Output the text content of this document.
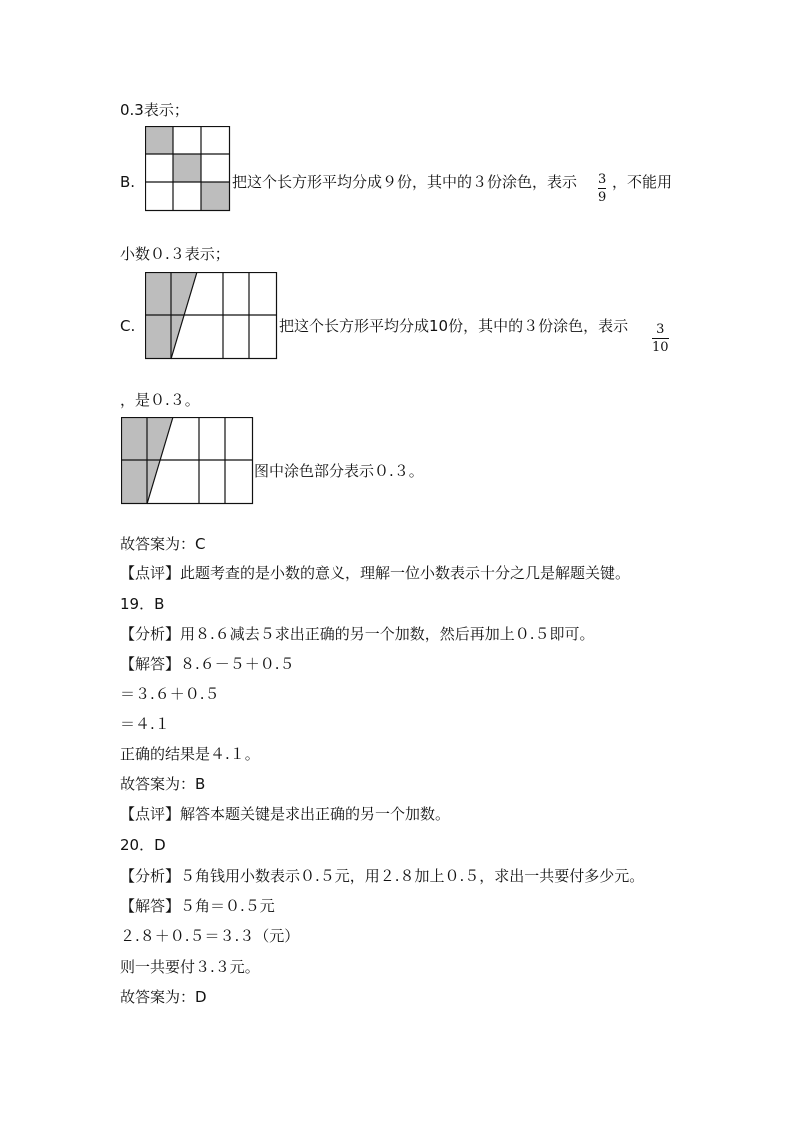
0.3表示；
B.	把这个长方形平均分成９份，其中的３份涂色，表示 3
9
，不能用
小数０.３表示；
C.	把这个长方形平均分成10份，其中的３份涂色，表示 3
10
，是０.３。
图中涂色部分表示０.３。
故答案为：C
【点评】此题考查的是小数的意义，理解一位小数表示十分之几是解题关键。
19．B
【分析】用８.６减去５求出正确的另一个加数，然后再加上０.５即可。
【解答】８.６－５＋０.５
＝３.６＋０.５
＝４.１
正确的结果是４.１。
故答案为：B
【点评】解答本题关键是求出正确的另一个加数。
20．D
【分析】５角钱用小数表示０.５元，用２.８加上０.５，求出一共要付多少元。
【解答】５角＝０.５元
２.８＋０.５＝３.３（元）
则一共要付３.３元。
故答案为：D
